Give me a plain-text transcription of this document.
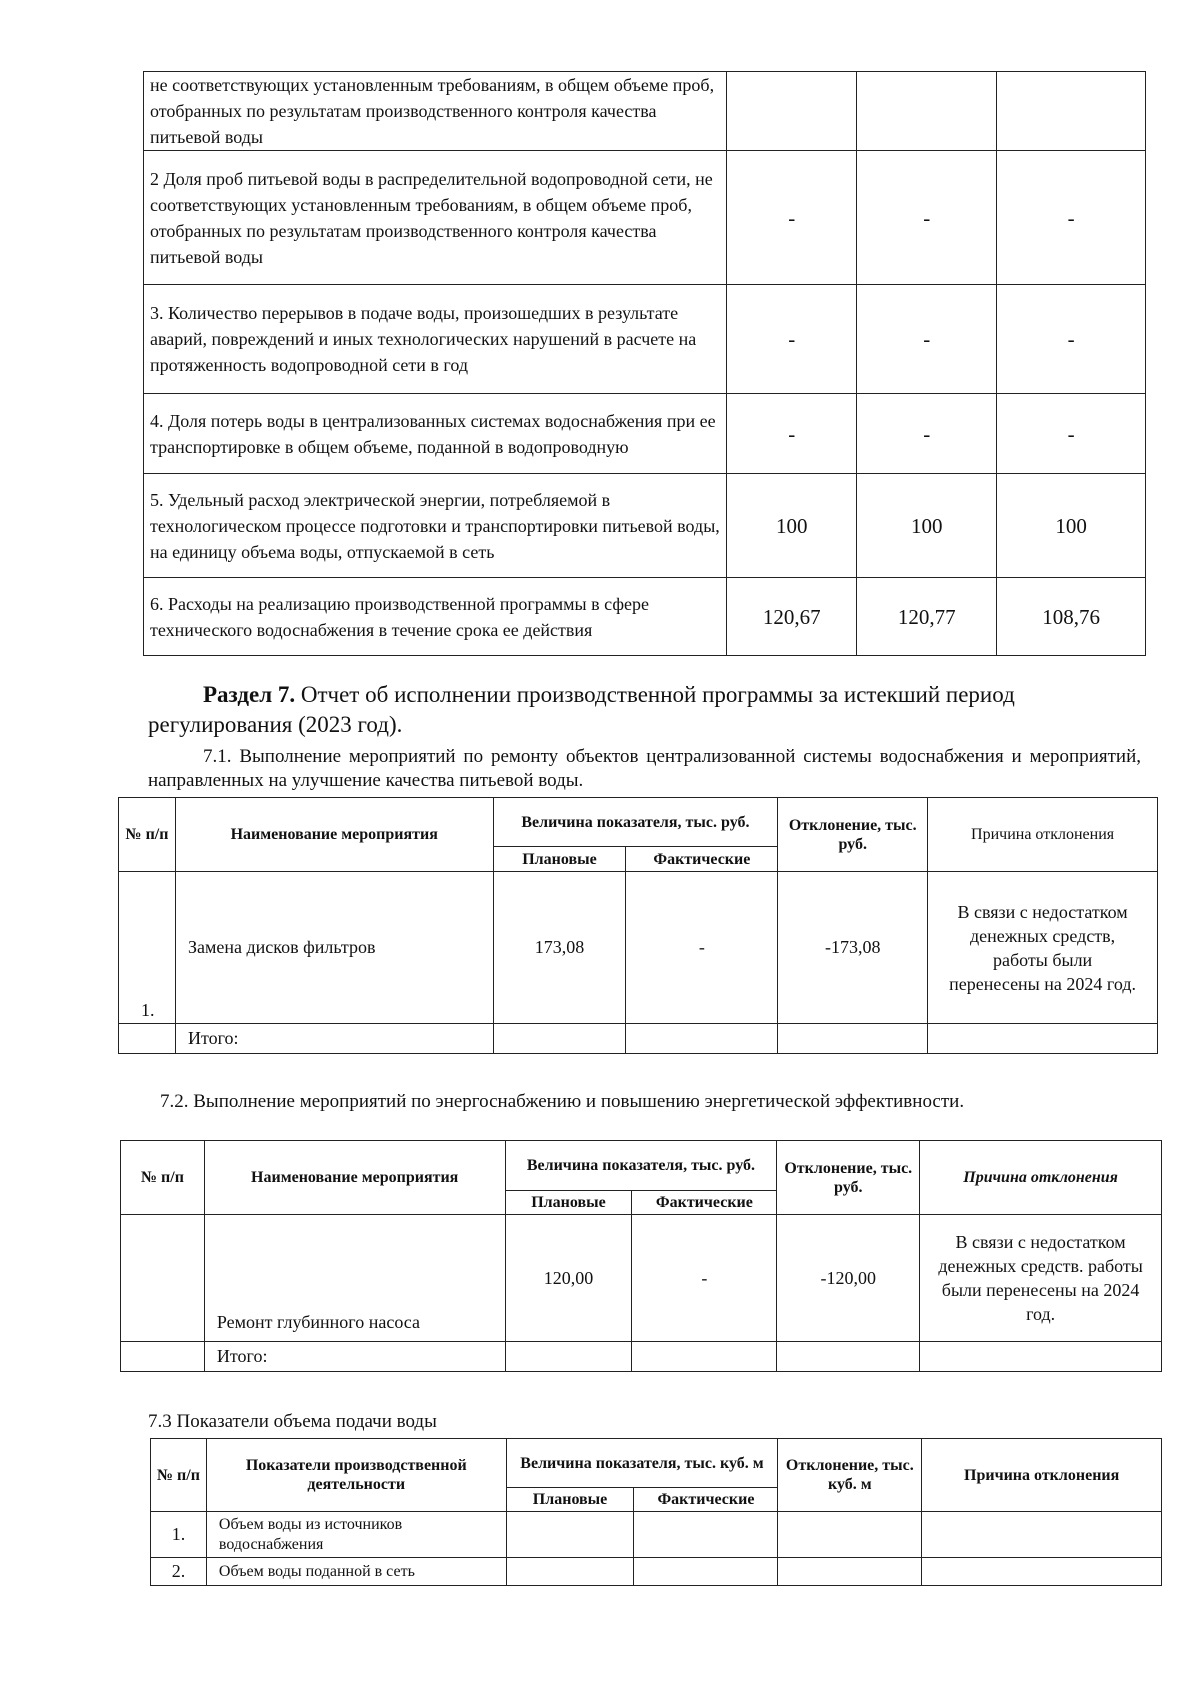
не соответствующих установленным требованиям, в общем объеме проб, отобранных по результатам производственного контроля качества питьевой воды			
2 Доля проб питьевой воды в распределительной водопроводной сети, не соответствующих установленным требованиям, в общем объеме проб, отобранных по результатам производственного контроля качества питьевой воды	-	-	-
3. Количество перерывов в подаче воды, произошедших в результате аварий, повреждений и иных технологических нарушений в расчете на протяженность водопроводной сети в год	-	-	-
4. Доля потерь воды в централизованных системах водоснабжения при ее транспортировке в общем объеме, поданной в водопроводную	-	-	-
5. Удельный расход электрической энергии, потребляемой в технологическом процессе подготовки и транспортировки питьевой воды, на единицу объема воды, отпускаемой в сеть	100	100	100
6. Расходы на реализацию производственной программы в сфере технического водоснабжения в течение срока ее действия	120,67	120,77	108,76
Раздел 7. Отчет об исполнении производственной программы за истекший период регулирования (2023 год).
7.1. Выполнение мероприятий по ремонту объектов централизованной системы водоснабжения и мероприятий, направленных на улучшение качества питьевой воды.
№ п/п	Наименование мероприятия	Величина показателя, тыс. руб.		Отклонение, тыс. руб.	Причина отклонения
		Плановые	Фактические		
1.	Замена дисков фильтров	173,08	-	-173,08	В связи с недостатком денежных средств, работы были перенесены на 2024 год.
	Итого:				
7.2. Выполнение мероприятий по энергоснабжению и повышению энергетической эффективности.
№ п/п	Наименование мероприятия	Величина показателя, тыс. руб.		Отклонение, тыс. руб.	Причина отклонения
		Плановые	Фактические		
	Ремонт глубинного насоса	120,00	-	-120,00	В связи с недостатком денежных средств. работы были перенесены на 2024 год.
	Итого:				
7.3 Показатели объема подачи воды
№ п/п	Показатели производственной деятельности	Величина показателя, тыс. куб. м		Отклонение, тыс. куб. м	Причина отклонения
		Плановые	Фактические		
1.	Объем воды из источников водоснабжения				
2.	Объем воды поданной в сеть				
